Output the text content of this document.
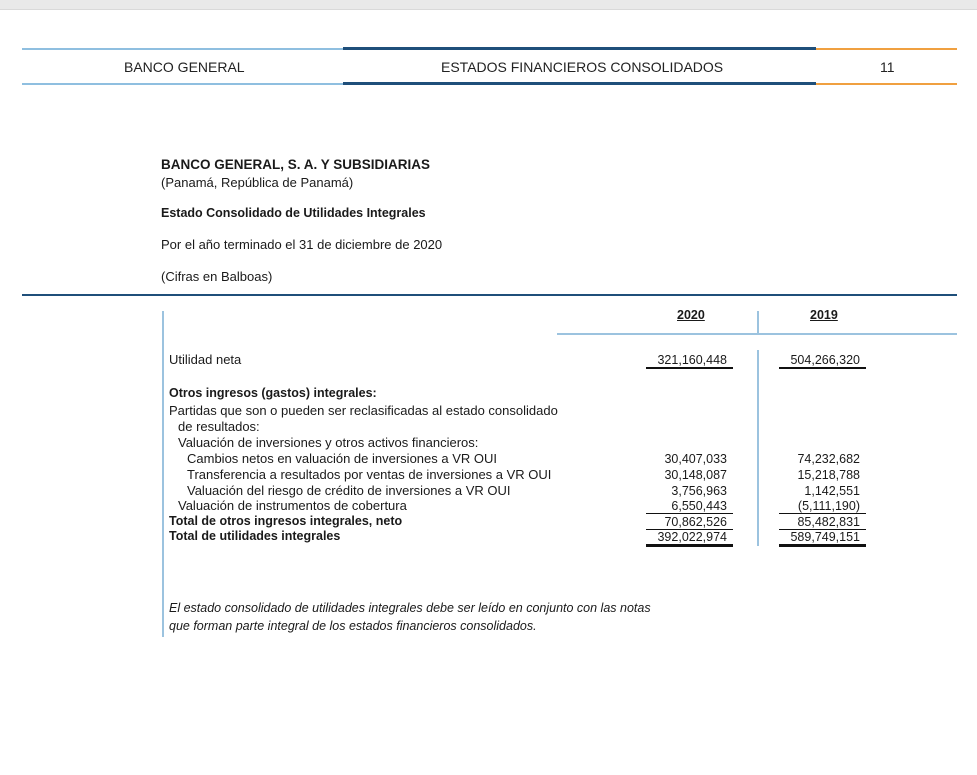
BANCO GENERAL	ESTADOS FINANCIEROS CONSOLIDADOS	11
BANCO GENERAL, S. A. Y SUBSIDIARIAS
(Panamá, República de Panamá)
Estado Consolidado de Utilidades Integrales
Por el año terminado el 31 de diciembre de 2020
(Cifras en Balboas)
2020	2019
Utilidad neta	321,160,448	504,266,320
Otros ingresos (gastos) integrales:
Partidas que son o pueden ser reclasificadas al estado consolidado
de resultados:
Valuación de inversiones y otros activos financieros:
Cambios netos en valuación de inversiones a VR OUI	30,407,033	74,232,682
Transferencia a resultados por ventas de inversiones a VR OUI	30,148,087	15,218,788
Valuación del riesgo de crédito de inversiones a VR OUI	3,756,963	1,142,551
Valuación de instrumentos de cobertura	6,550,443	(5,111,190)
Total de otros ingresos integrales, neto	70,862,526	85,482,831
Total de utilidades integrales	392,022,974	589,749,151
El estado consolidado de utilidades integrales debe ser leído en conjunto con las notas
que forman parte integral de los estados financieros consolidados.
